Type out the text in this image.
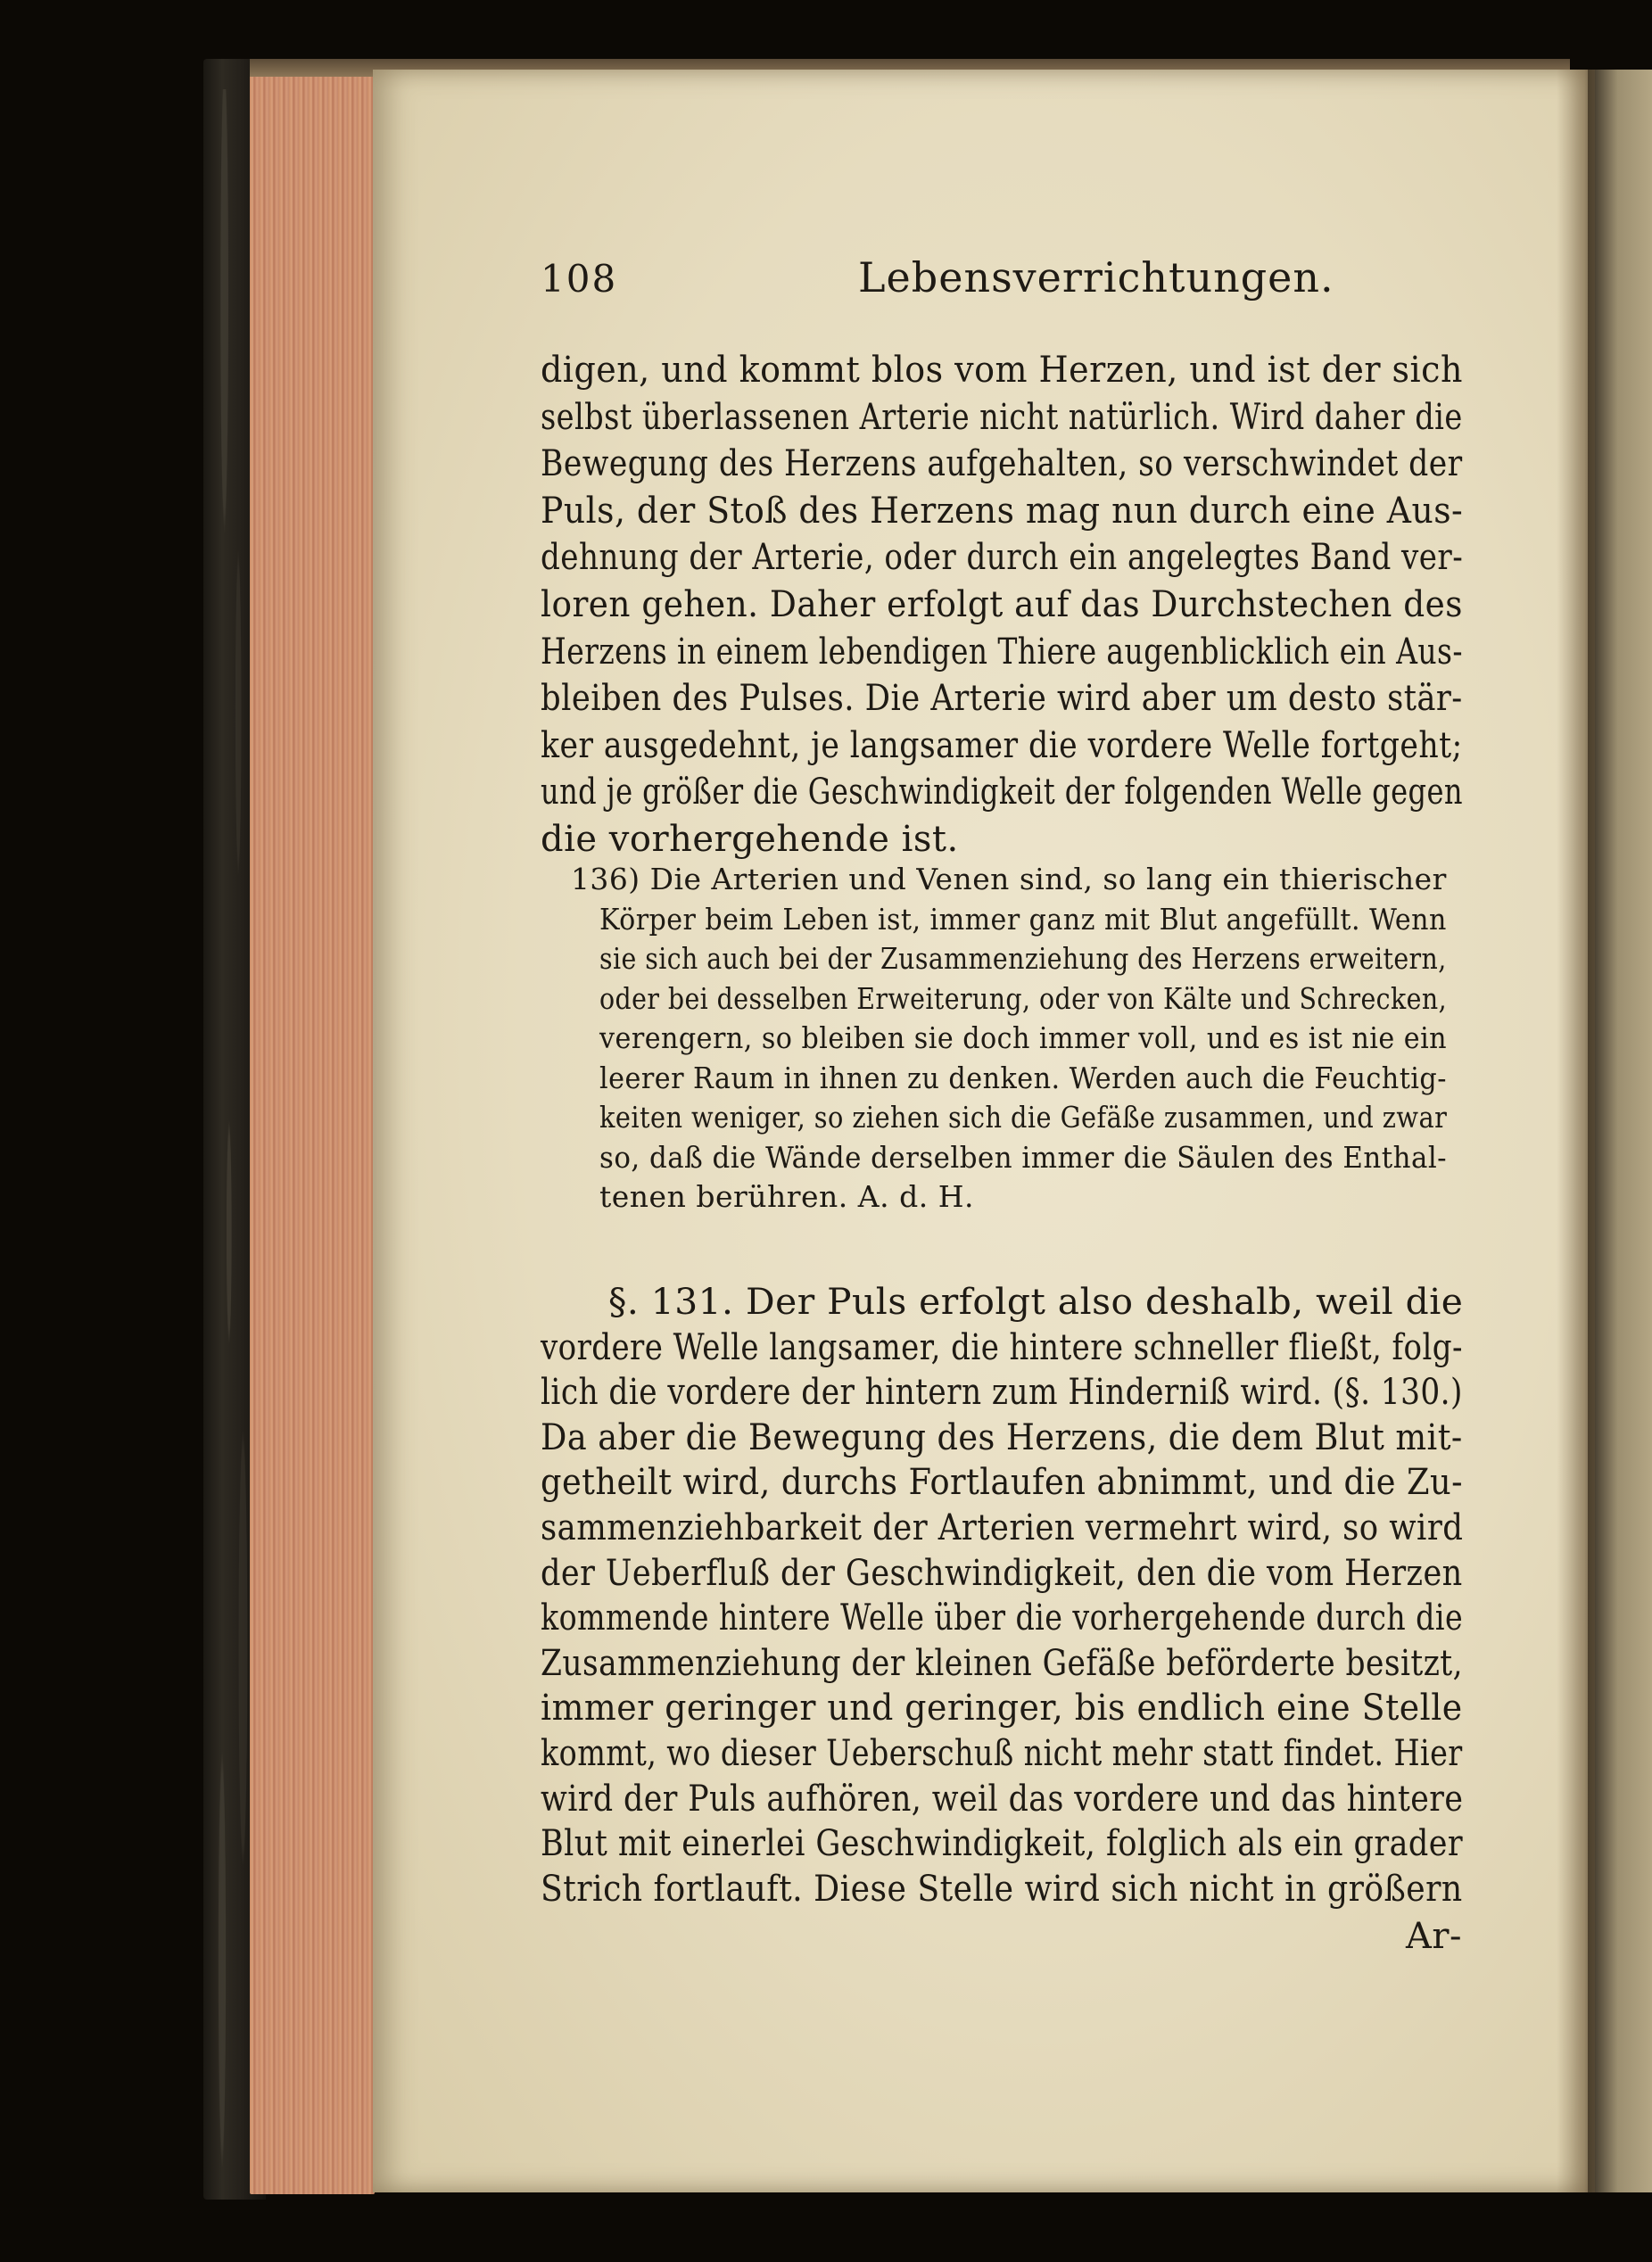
108	Lebensverrichtungen.
digen, und kommt blos vom Herzen, und ist der sich
selbst überlassenen Arterie nicht natürlich. Wird daher die
Bewegung des Herzens aufgehalten, so verschwindet der
Puls, der Stoß des Herzens mag nun durch eine Aus-
dehnung der Arterie, oder durch ein angelegtes Band ver-
loren gehen. Daher erfolgt auf das Durchstechen des
Herzens in einem lebendigen Thiere augenblicklich ein Aus-
bleiben des Pulses. Die Arterie wird aber um desto stär-
ker ausgedehnt, je langsamer die vordere Welle fortgeht;
und je größer die Geschwindigkeit der folgenden Welle gegen
die vorhergehende ist.
136) Die Arterien und Venen sind, so lang ein thierischer
Körper beim Leben ist, immer ganz mit Blut angefüllt. Wenn
sie sich auch bei der Zusammenziehung des Herzens erweitern,
oder bei desselben Erweiterung, oder von Kälte und Schrecken,
verengern, so bleiben sie doch immer voll, und es ist nie ein
leerer Raum in ihnen zu denken. Werden auch die Feuchtig-
keiten weniger, so ziehen sich die Gefäße zusammen, und zwar
so, daß die Wände derselben immer die Säulen des Enthal-
tenen berühren. A. d. H.
§. 131. Der Puls erfolgt also deshalb, weil die
vordere Welle langsamer, die hintere schneller fließt, folg-
lich die vordere der hintern zum Hinderniß wird. (§. 130.)
Da aber die Bewegung des Herzens, die dem Blut mit-
getheilt wird, durchs Fortlaufen abnimmt, und die Zu-
sammenziehbarkeit der Arterien vermehrt wird, so wird
der Ueberfluß der Geschwindigkeit, den die vom Herzen
kommende hintere Welle über die vorhergehende durch die
Zusammenziehung der kleinen Gefäße beförderte besitzt,
immer geringer und geringer, bis endlich eine Stelle
kommt, wo dieser Ueberschuß nicht mehr statt findet. Hier
wird der Puls aufhören, weil das vordere und das hintere
Blut mit einerlei Geschwindigkeit, folglich als ein grader
Strich fortlauft. Diese Stelle wird sich nicht in größern
Ar-
